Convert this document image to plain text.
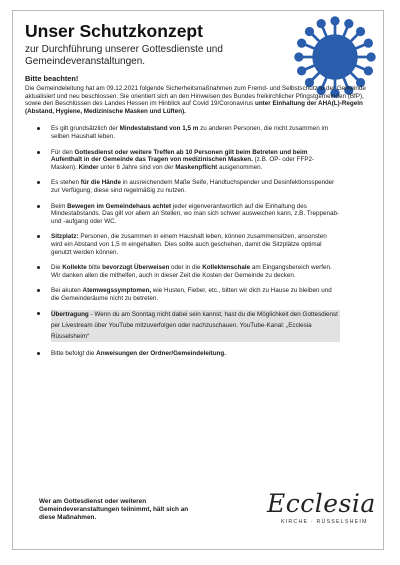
Unser Schutzkonzept
zur Durchführung unserer Gottesdienste und Gemeindeveranstaltungen.
Bitte beachten!
Die Gemeindeleitung hat am 09.12.2021 folgende Sicherheitsmaßnahmen zum Fremd- und Selbstschutz in der Gemeinde aktualisiert und neu beschlossen. Sie orientiert sich an den Hinweisen des Bundes freikirchlicher Pfingstgemeinden (BfP), sowie den Beschlüssen des Landes Hessen im Hinblick auf Covid 19/Coronavirus unter Einhaltung der AHA(L)-Regeln (Abstand, Hygiene, Medizinische Masken und Lüften).
Es gilt grundsätzlich der Mindestabstand von 1,5 m zu anderen Personen, die nicht zusammen im selben Haushalt leben.
Für den Gottesdienst oder weitere Treffen ab 10 Personen gilt beim Betreten und beim Aufenthalt in der Gemeinde das Tragen von medizinischen Masken. (z.B. OP- oder FFP2-Masken). Kinder unter 6 Jahre sind von der Maskenpflicht ausgenommen.
Es stehen für die Hände in ausreichendem Maße Seife, Handtuchspender und Desinfektionsspender zur Verfügung; diese sind regelmäßig zu nutzen.
Beim Bewegen im Gemeindehaus achtet jeder eigenverantwortlich auf die Einhaltung des Mindestabstands. Das gilt vor allem an Stellen, wo man sich schwer ausweichen kann, z.B. Treppenab- und -aufgang oder WC.
Sitzplatz: Personen, die zusammen in einem Haushalt leben, können zusammensitzen, ansonsten wird ein Abstand von 1,5 m eingehalten. Dies sollte auch geschehen, damit die Sitzplätze optimal genutzt werden können.
Die Kollekte bitte bevorzugt Überweisen oder in die Kollektenschale am Eingangsbereich werfen. Wir danken allen die mithelfen, auch in dieser Zeit die Kosten der Gemeinde zu decken.
Bei akuten Atemwegssymptomen, wie Husten, Fieber, etc., bitten wir dich zu Hause zu bleiben und die Gemeinderäume nicht zu betreten.
Übertragung - Wenn du am Sonntag nicht dabei sein kannst, hast du die Möglichkeit den Gottesdienst per Livestream über YouTube mitzuverfolgen oder nachzuschauen. YouTube-Kanal: „Ecclesia Rüsselsheim“
Bitte befolgt die Anweisungen der Ordner/Gemeindeleitung.
Wer am Gottesdienst oder weiteren Gemeindeveranstaltungen teilnimmt, hält sich an diese Maßnahmen.	Ecclesia
KIRCHE · RÜSSELSHEIM
